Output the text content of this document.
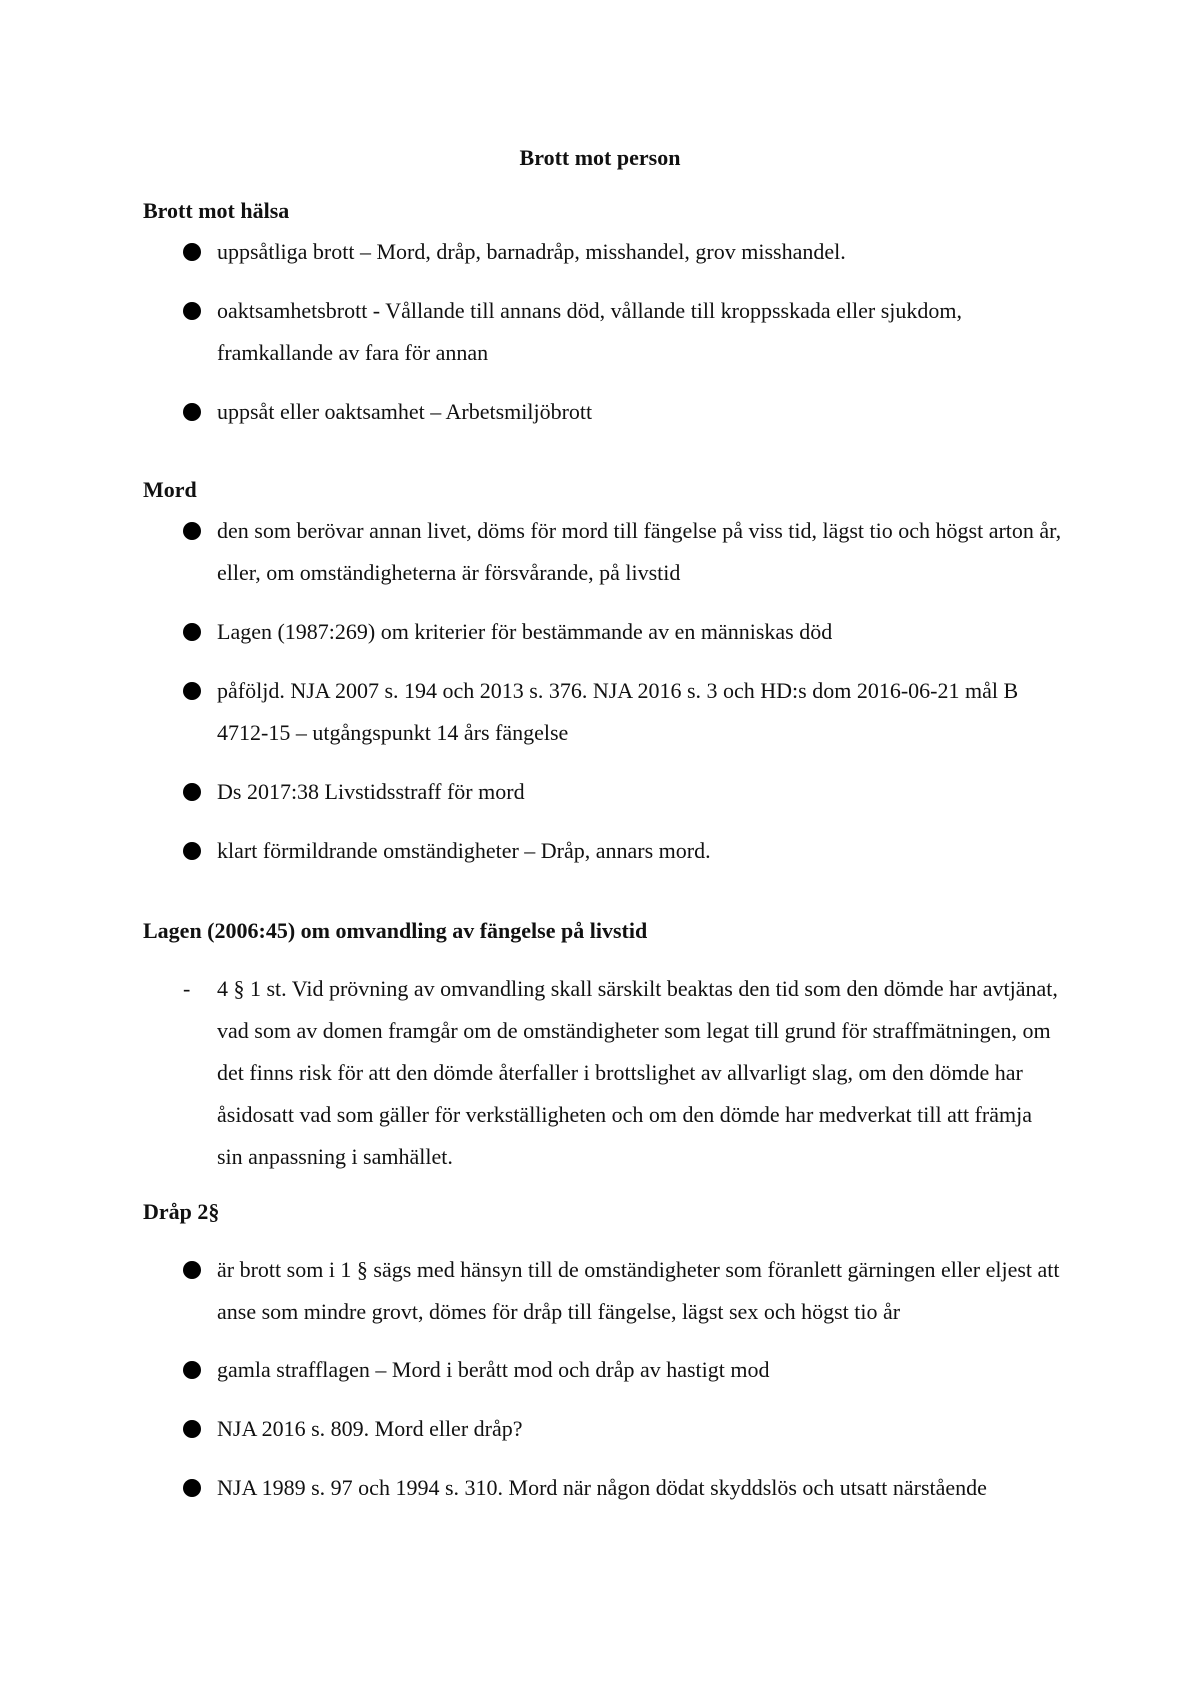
Brott mot person
Brott mot hälsa
uppsåtliga brott – Mord, dråp, barnadråp, misshandel, grov misshandel.
oaktsamhetsbrott - Vållande till annans död, vållande till kroppsskada eller sjukdom, framkallande av fara för annan
uppsåt eller oaktsamhet – Arbetsmiljöbrott
Mord
den som berövar annan livet, döms för mord till fängelse på viss tid, lägst tio och högst arton år, eller, om omständigheterna är försvårande, på livstid
Lagen (1987:269) om kriterier för bestämmande av en människas död
påföljd. NJA 2007 s. 194 och 2013 s. 376. NJA 2016 s. 3 och HD:s dom 2016-06-21 mål B 4712-15 – utgångspunkt 14 års fängelse
Ds 2017:38 Livstidsstraff för mord
klart förmildrande omständigheter – Dråp, annars mord.
Lagen (2006:45) om omvandling av fängelse på livstid
- 4 § 1 st. Vid prövning av omvandling skall särskilt beaktas den tid som den dömde har avtjänat, vad som av domen framgår om de omständigheter som legat till grund för straffmätningen, om det finns risk för att den dömde återfaller i brottslighet av allvarligt slag, om den dömde har åsidosatt vad som gäller för verkställigheten och om den dömde har medverkat till att främja sin anpassning i samhället.
Dråp 2§
är brott som i 1 § sägs med hänsyn till de omständigheter som föranlett gärningen eller eljest att anse som mindre grovt, dömes för dråp till fängelse, lägst sex och högst tio år
gamla strafflagen – Mord i berått mod och dråp av hastigt mod
NJA 2016 s. 809. Mord eller dråp?
NJA 1989 s. 97 och 1994 s. 310. Mord när någon dödat skyddslös och utsatt närstående
